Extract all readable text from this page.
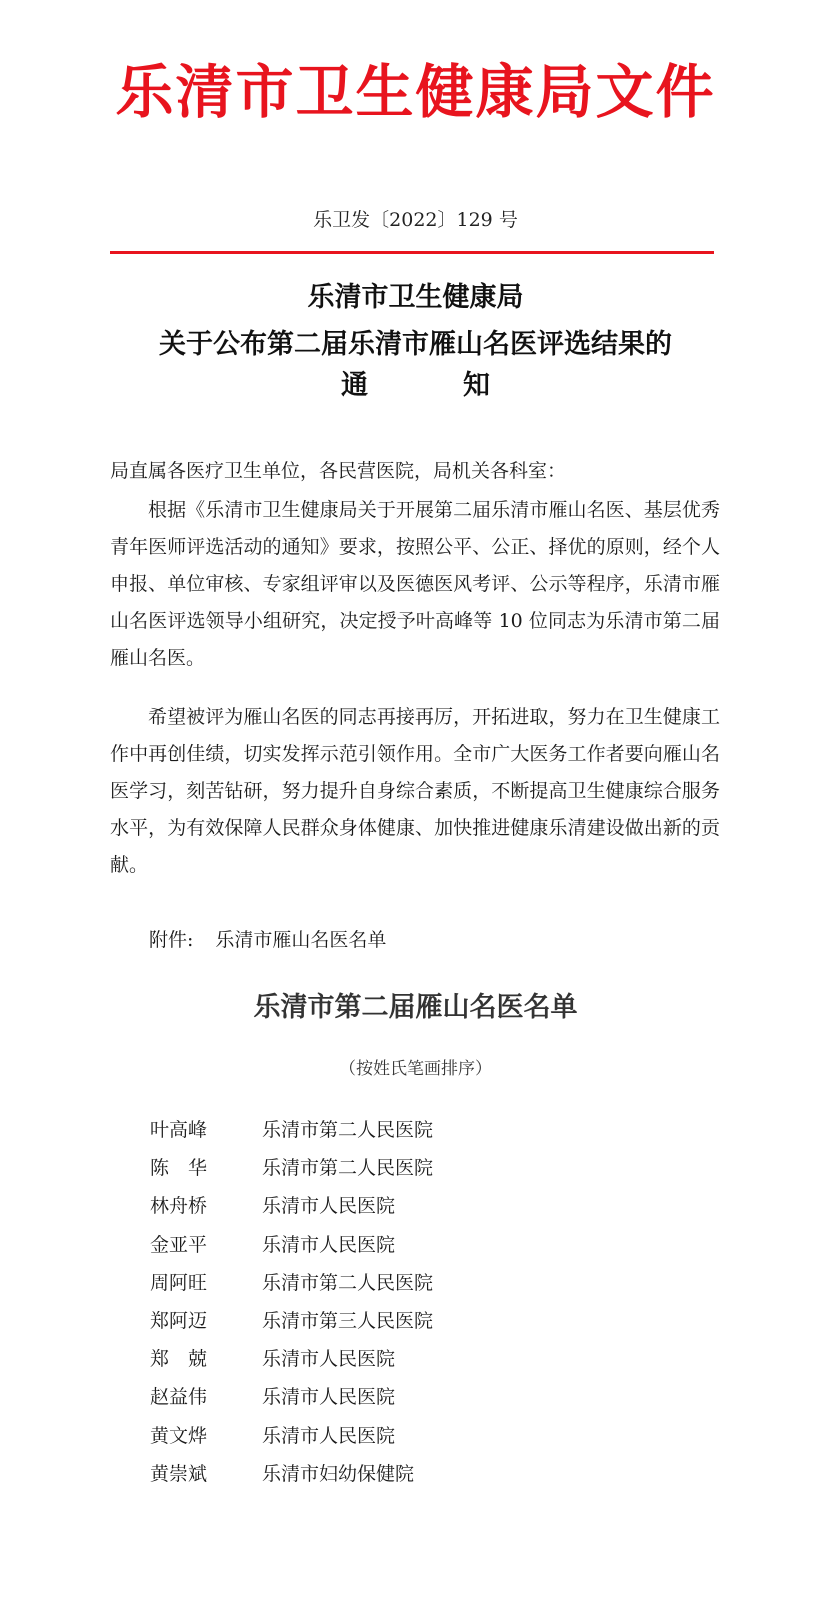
乐清市卫生健康局文件
乐卫发〔2022〕129 号
乐清市卫生健康局
关于公布第二届乐清市雁山名医评选结果的
通	知
局直属各医疗卫生单位，各民营医院，局机关各科室：
根据《乐清市卫生健康局关于开展第二届乐清市雁山名医、基层优秀青年医师评选活动的通知》要求，按照公平、公正、择优的原则，经个人申报、单位审核、专家组评审以及医德医风考评、公示等程序，乐清市雁山名医评选领导小组研究，决定授予叶高峰等 10 位同志为乐清市第二届雁山名医。
希望被评为雁山名医的同志再接再厉，开拓进取，努力在卫生健康工作中再创佳绩，切实发挥示范引领作用。全市广大医务工作者要向雁山名医学习，刻苦钻研，努力提升自身综合素质，不断提高卫生健康综合服务水平，为有效保障人民群众身体健康、加快推进健康乐清建设做出新的贡献。
附件: 乐清市雁山名医名单
乐清市第二届雁山名医名单
（按姓氏笔画排序）
叶高峰	乐清市第二人民医院
陈　华	乐清市第二人民医院
林舟桥	乐清市人民医院
金亚平	乐清市人民医院
周阿旺	乐清市第二人民医院
郑阿迈	乐清市第三人民医院
郑　兢	乐清市人民医院
赵益伟	乐清市人民医院
黄文烨	乐清市人民医院
黄崇斌	乐清市妇幼保健院
